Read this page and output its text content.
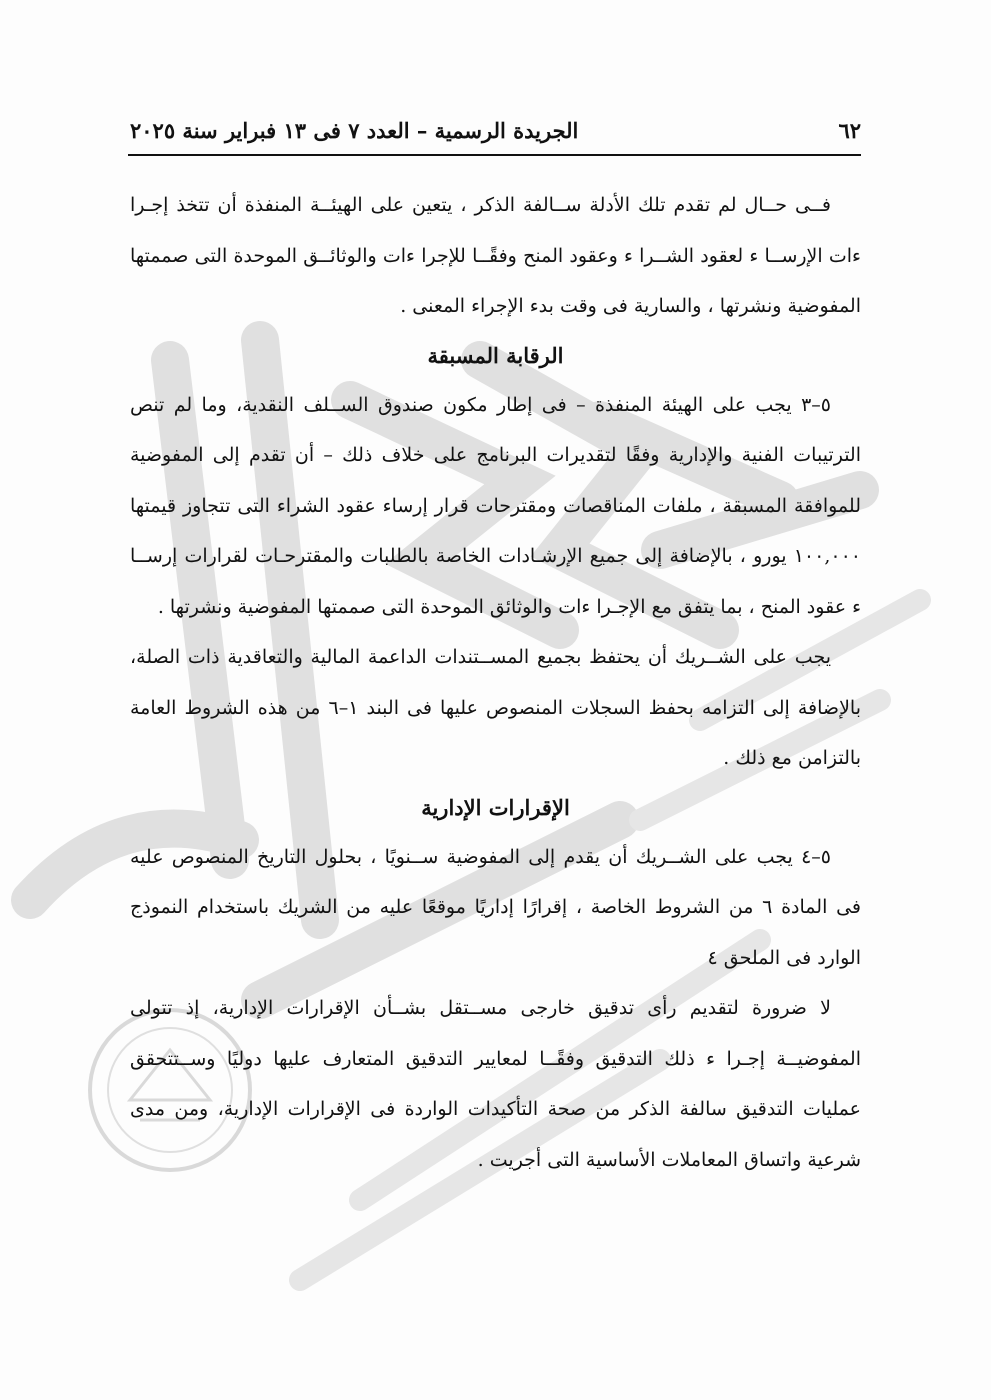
٦٢
الجريدة الرسمية – العدد ٧ فى ١٣ فبراير سنة ٢٠٢٥

فــى حــال لم تقدم تلك الأدلة ســالفة الذكر ، يتعين على الهيئــة المنفذة أن تتخذ إجـرا ءات الإرســا ء لعقود الشــرا ء وعقود المنح وفقًــا للإجرا ءات والوثائــق الموحدة التى صممتها المفوضية ونشرتها ، والسارية فى وقت بدء الإجراء المعنى .

الرقابة المسبقة

٥–٣ يجب على الهيئة المنفذة – فى إطار مكون صندوق الســلف النقدية، وما لم تنص الترتيبات الفنية والإدارية وفقًا لتقديرات البرنامج على خلاف ذلك – أن تقدم إلى المفوضية للموافقة المسبقة ، ملفات المناقصات ومقترحات قرار إرساء عقود الشراء التى تتجاوز قيمتها ١٠٠,٠٠٠ يورو ، بالإضافة إلى جميع الإرشـادات الخاصة بالطلبات والمقترحـات لقرارات إرســا ء عقود المنح ، بما يتفق مع الإجـرا ءات والوثائق الموحدة التى صممتها المفوضية ونشرتها .

يجب على الشــريك أن يحتفظ بجميع المســتندات الداعمة المالية والتعاقدية ذات الصلة، بالإضافة إلى التزامه بحفظ السجلات المنصوص عليها فى البند ١–٦ من هذه الشروط العامة بالتزامن مع ذلك .

الإقرارات الإدارية

٥–٤ يجب على الشــريك أن يقدم إلى المفوضية ســنويًا ، بحلول التاريخ المنصوص عليه فى المادة ٦ من الشروط الخاصة ، إقرارًا إداريًا موقعًا عليه من الشريك باستخدام النموذج الوارد فى الملحق ٤

لا ضرورة لتقديم رأى تدقيق خارجى مســتقل بشــأن الإقرارات الإدارية، إذ تتولى المفوضيــة إجـرا ء ذلك التدقيق وفقًــا لمعايير التدقيق المتعارف عليها دوليًا وســتتحقق عمليات التدقيق سالفة الذكر من صحة التأكيدات الواردة فى الإقرارات الإدارية، ومن مدى شرعية واتساق المعاملات الأساسية التى أجريت .
